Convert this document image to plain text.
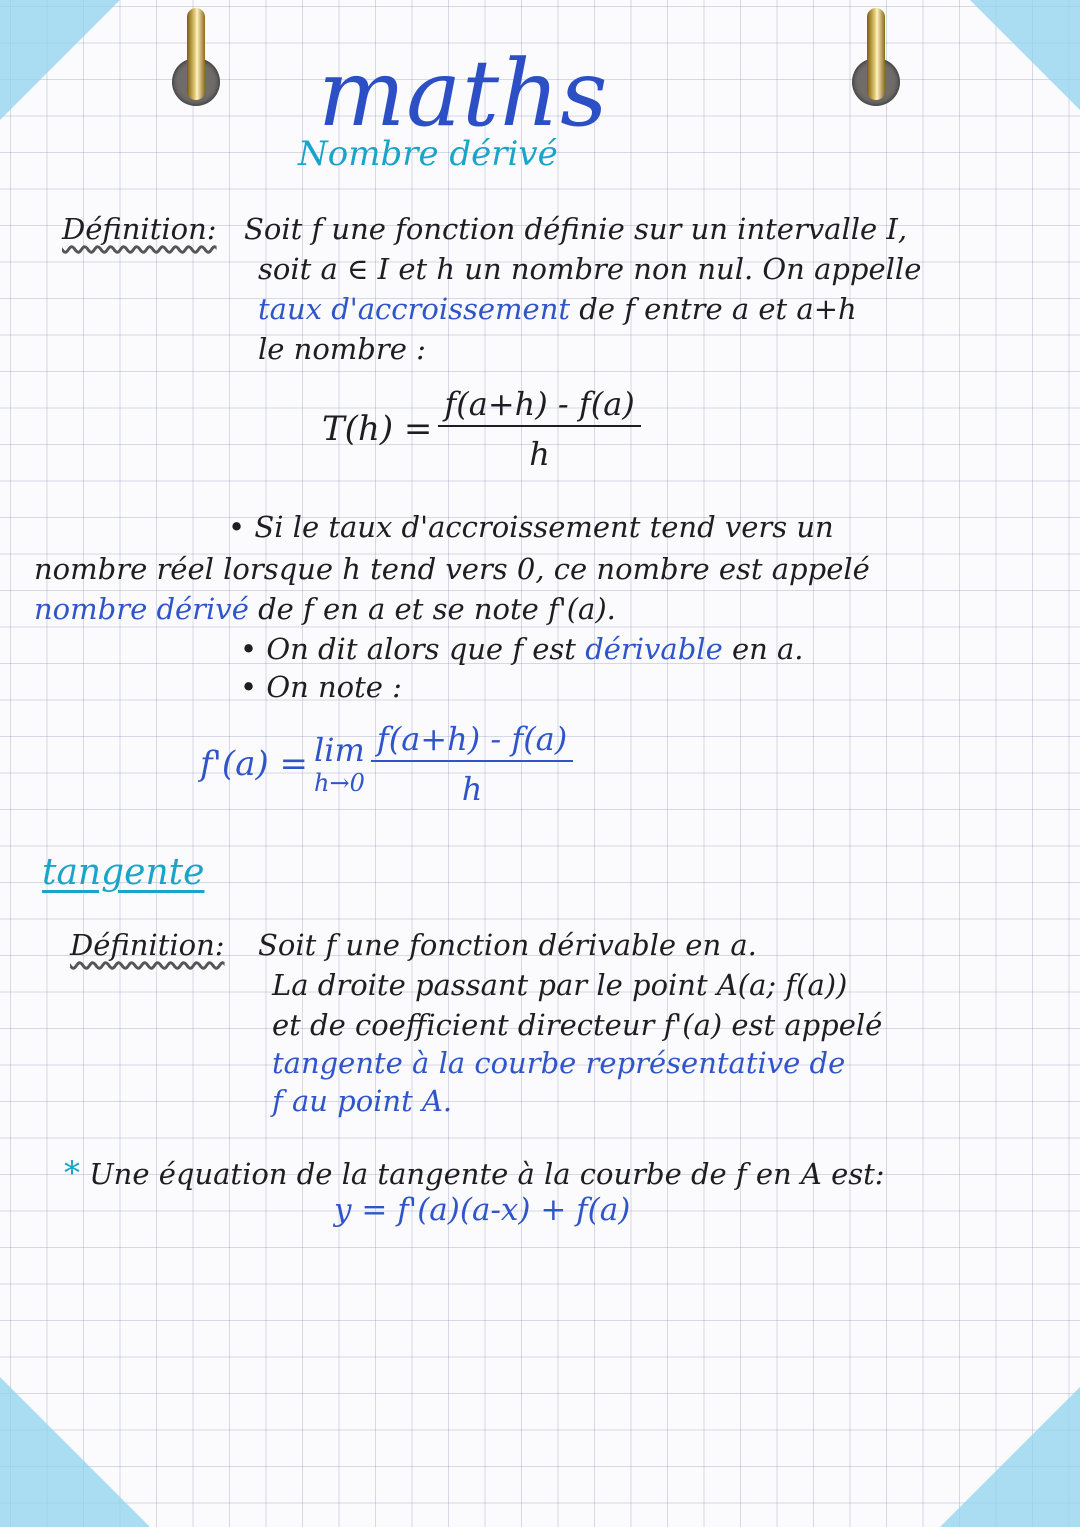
maths
Nombre dérivé
Définition: Soit f une fonction définie sur un intervalle I,
soit a ∈ I et h un nombre non nul. On appelle
taux d'accroissement de f entre a et a+h
le nombre :
$T(h) = \frac{f(a+h) - f(a)}{h}$
• Si le taux d'accroissement tend vers un
nombre réel lorsque h tend vers 0, ce nombre est appelé
nombre dérivé de f en a et se note f'(a).
• On dit alors que f est dérivable en a.
• On note :
f'(a) = lim
$h\to 0 \frac{f(a+h) - f(a)}{h}$
tangente
Définition: Soit f une fonction dérivable en a.
La droite passant par le point A(a; f(a))
et de coefficient directeur f'(a) est appelé
tangente à la courbe représentative de
f au point A.
* Une équation de la tangente à la courbe de f en A est:
y = f'(a)(a-x) + f(a)
